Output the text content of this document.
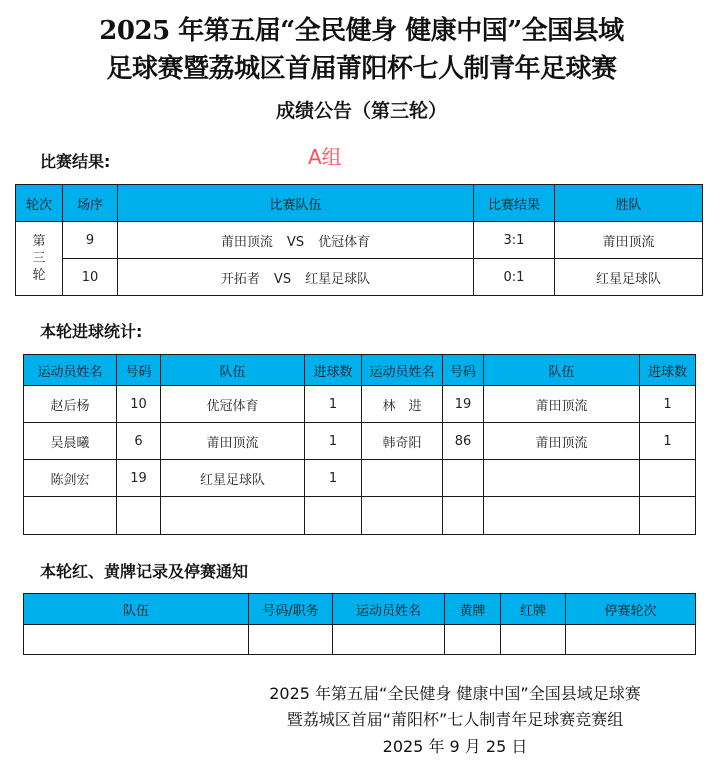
2025 年第五届“全民健身 健康中国”全国县域
足球赛暨荔城区首届莆阳杯七人制青年足球赛
成绩公告（第三轮）
比赛结果:	A组
轮次	场序	比赛队伍	比赛结果	胜队
第
三
轮	9	莆田顶流 VS 优冠体育	3:1	莆田顶流
	10	开拓者 VS 红星足球队	0:1	红星足球队
本轮进球统计:
运动员姓名	号码	队伍	进球数	运动员姓名	号码	队伍	进球数
赵后杨	10	优冠体育	1	林　进	19	莆田顶流	1
吴晨曦	6	莆田顶流	1	韩奇阳	86	莆田顶流	1
陈剑宏	19	红星足球队	1				

本轮红、黄牌记录及停赛通知
队伍	号码/职务	运动员姓名	黄牌	红牌	停赛轮次

2025 年第五届“全民健身 健康中国”全国县域足球赛
暨荔城区首届“莆阳杯”七人制青年足球赛竞赛组
2025 年 9 月 25 日
